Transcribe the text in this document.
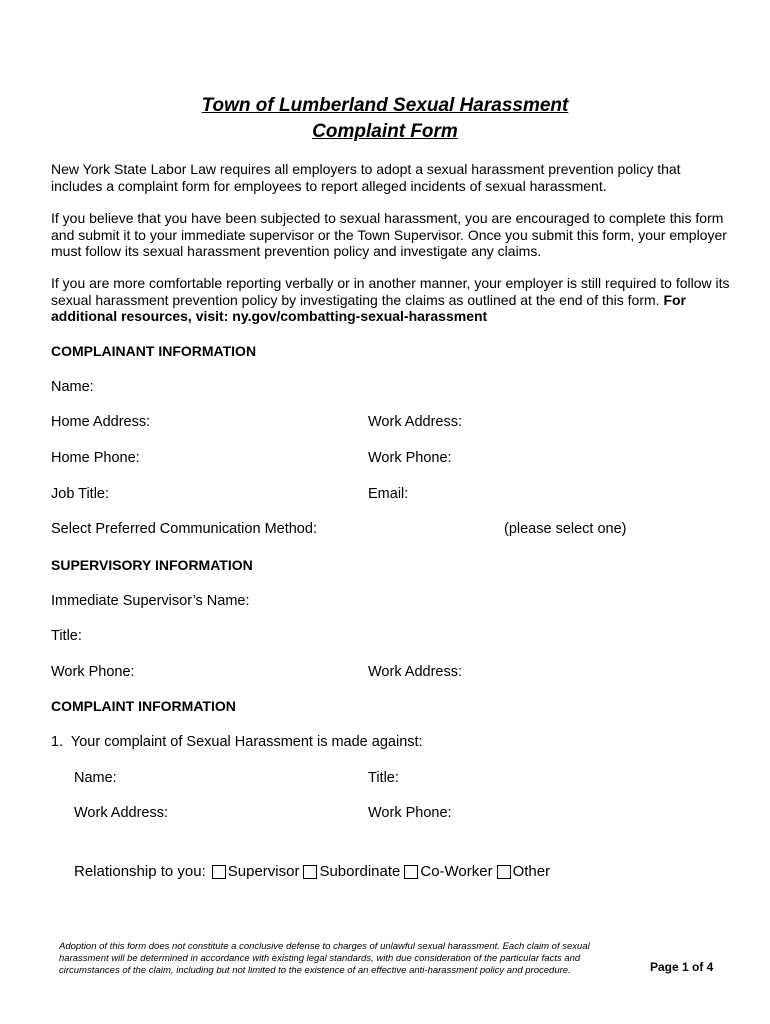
Town of Lumberland Sexual Harassment
Complaint Form

New York State Labor Law requires all employers to adopt a sexual harassment prevention policy that includes a complaint form for employees to report alleged incidents of sexual harassment.

If you believe that you have been subjected to sexual harassment, you are encouraged to complete this form and submit it to your immediate supervisor or the Town Supervisor. Once you submit this form, your employer must follow its sexual harassment prevention policy and investigate any claims.

If you are more comfortable reporting verbally or in another manner, your employer is still required to follow its sexual harassment prevention policy by investigating the claims as outlined at the end of this form. For additional resources, visit: ny.gov/combatting-sexual-harassment

COMPLAINANT INFORMATION
Name:
Home Address:	Work Address:
Home Phone:	Work Phone:
Job Title:	Email:
Select Preferred Communication Method:	(please select one)
SUPERVISORY INFORMATION
Immediate Supervisor’s Name:
Title:
Work Phone:	Work Address:
COMPLAINT INFORMATION
1.  Your complaint of Sexual Harassment is made against:
Name:	Title:
Work Address:	Work Phone:
Relationship to you: Supervisor Subordinate Co-Worker Other

Adoption of this form does not constitute a conclusive defense to charges of unlawful sexual harassment. Each claim of sexual harassment will be determined in accordance with existing legal standards, with due consideration of the particular facts and circumstances of the claim, including but not limited to the existence of an effective anti-harassment policy and procedure.	Page 1 of 4
